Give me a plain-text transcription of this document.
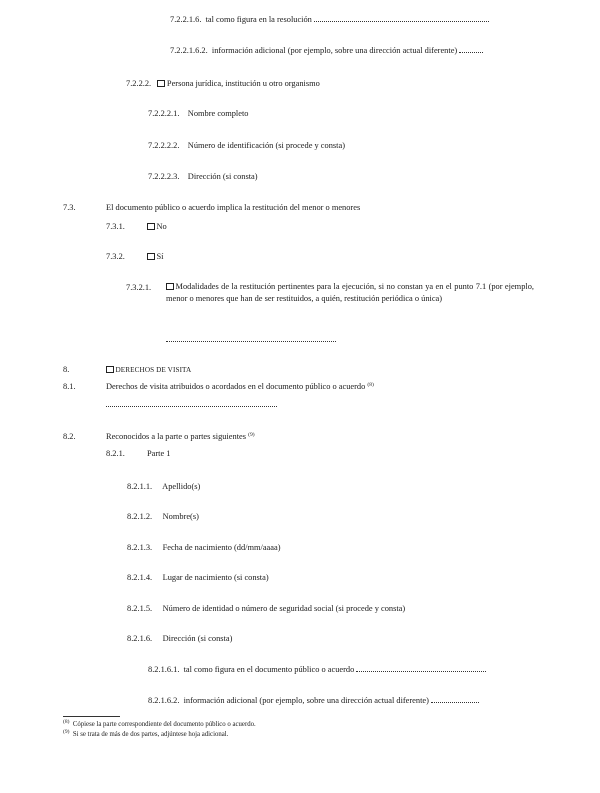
7.2.2.1.6. tal como figura en la resolución
7.2.2.1.6.2. información adicional (por ejemplo, sobre una dirección actual diferente)
7.2.2.2. Persona jurídica, institución u otro organismo
7.2.2.2.1. Nombre completo
7.2.2.2.2. Número de identificación (si procede y consta)
7.2.2.2.3. Dirección (si consta)
7.3.	El documento público o acuerdo implica la restitución del menor o menores
7.3.1.	No
7.3.2.	Sí
7.3.2.1.	Modalidades de la restitución pertinentes para la ejecución, si no constan ya en el punto 7.1 (por ejemplo, menor o menores que han de ser restituidos, a quién, restitución periódica o única)
8.	DERECHOS DE VISITA
8.1.	Derechos de visita atribuidos o acordados en el documento público o acuerdo $^{(8)}$
8.2.	Reconocidos a la parte o partes siguientes $^{(9)}$
8.2.1.	Parte 1
8.2.1.1. Apellido(s)
8.2.1.2. Nombre(s)
8.2.1.3. Fecha de nacimiento (dd/mm/aaaa)
8.2.1.4. Lugar de nacimiento (si consta)
8.2.1.5. Número de identidad o número de seguridad social (si procede y consta)
8.2.1.6. Dirección (si consta)
8.2.1.6.1. tal como figura en el documento público o acuerdo
8.2.1.6.2. información adicional (por ejemplo, sobre una dirección actual diferente)
$^{(8)}$ Cópiese la parte correspondiente del documento público o acuerdo.
$^{(9)}$ Si se trata de más de dos partes, adjúntese hoja adicional.
